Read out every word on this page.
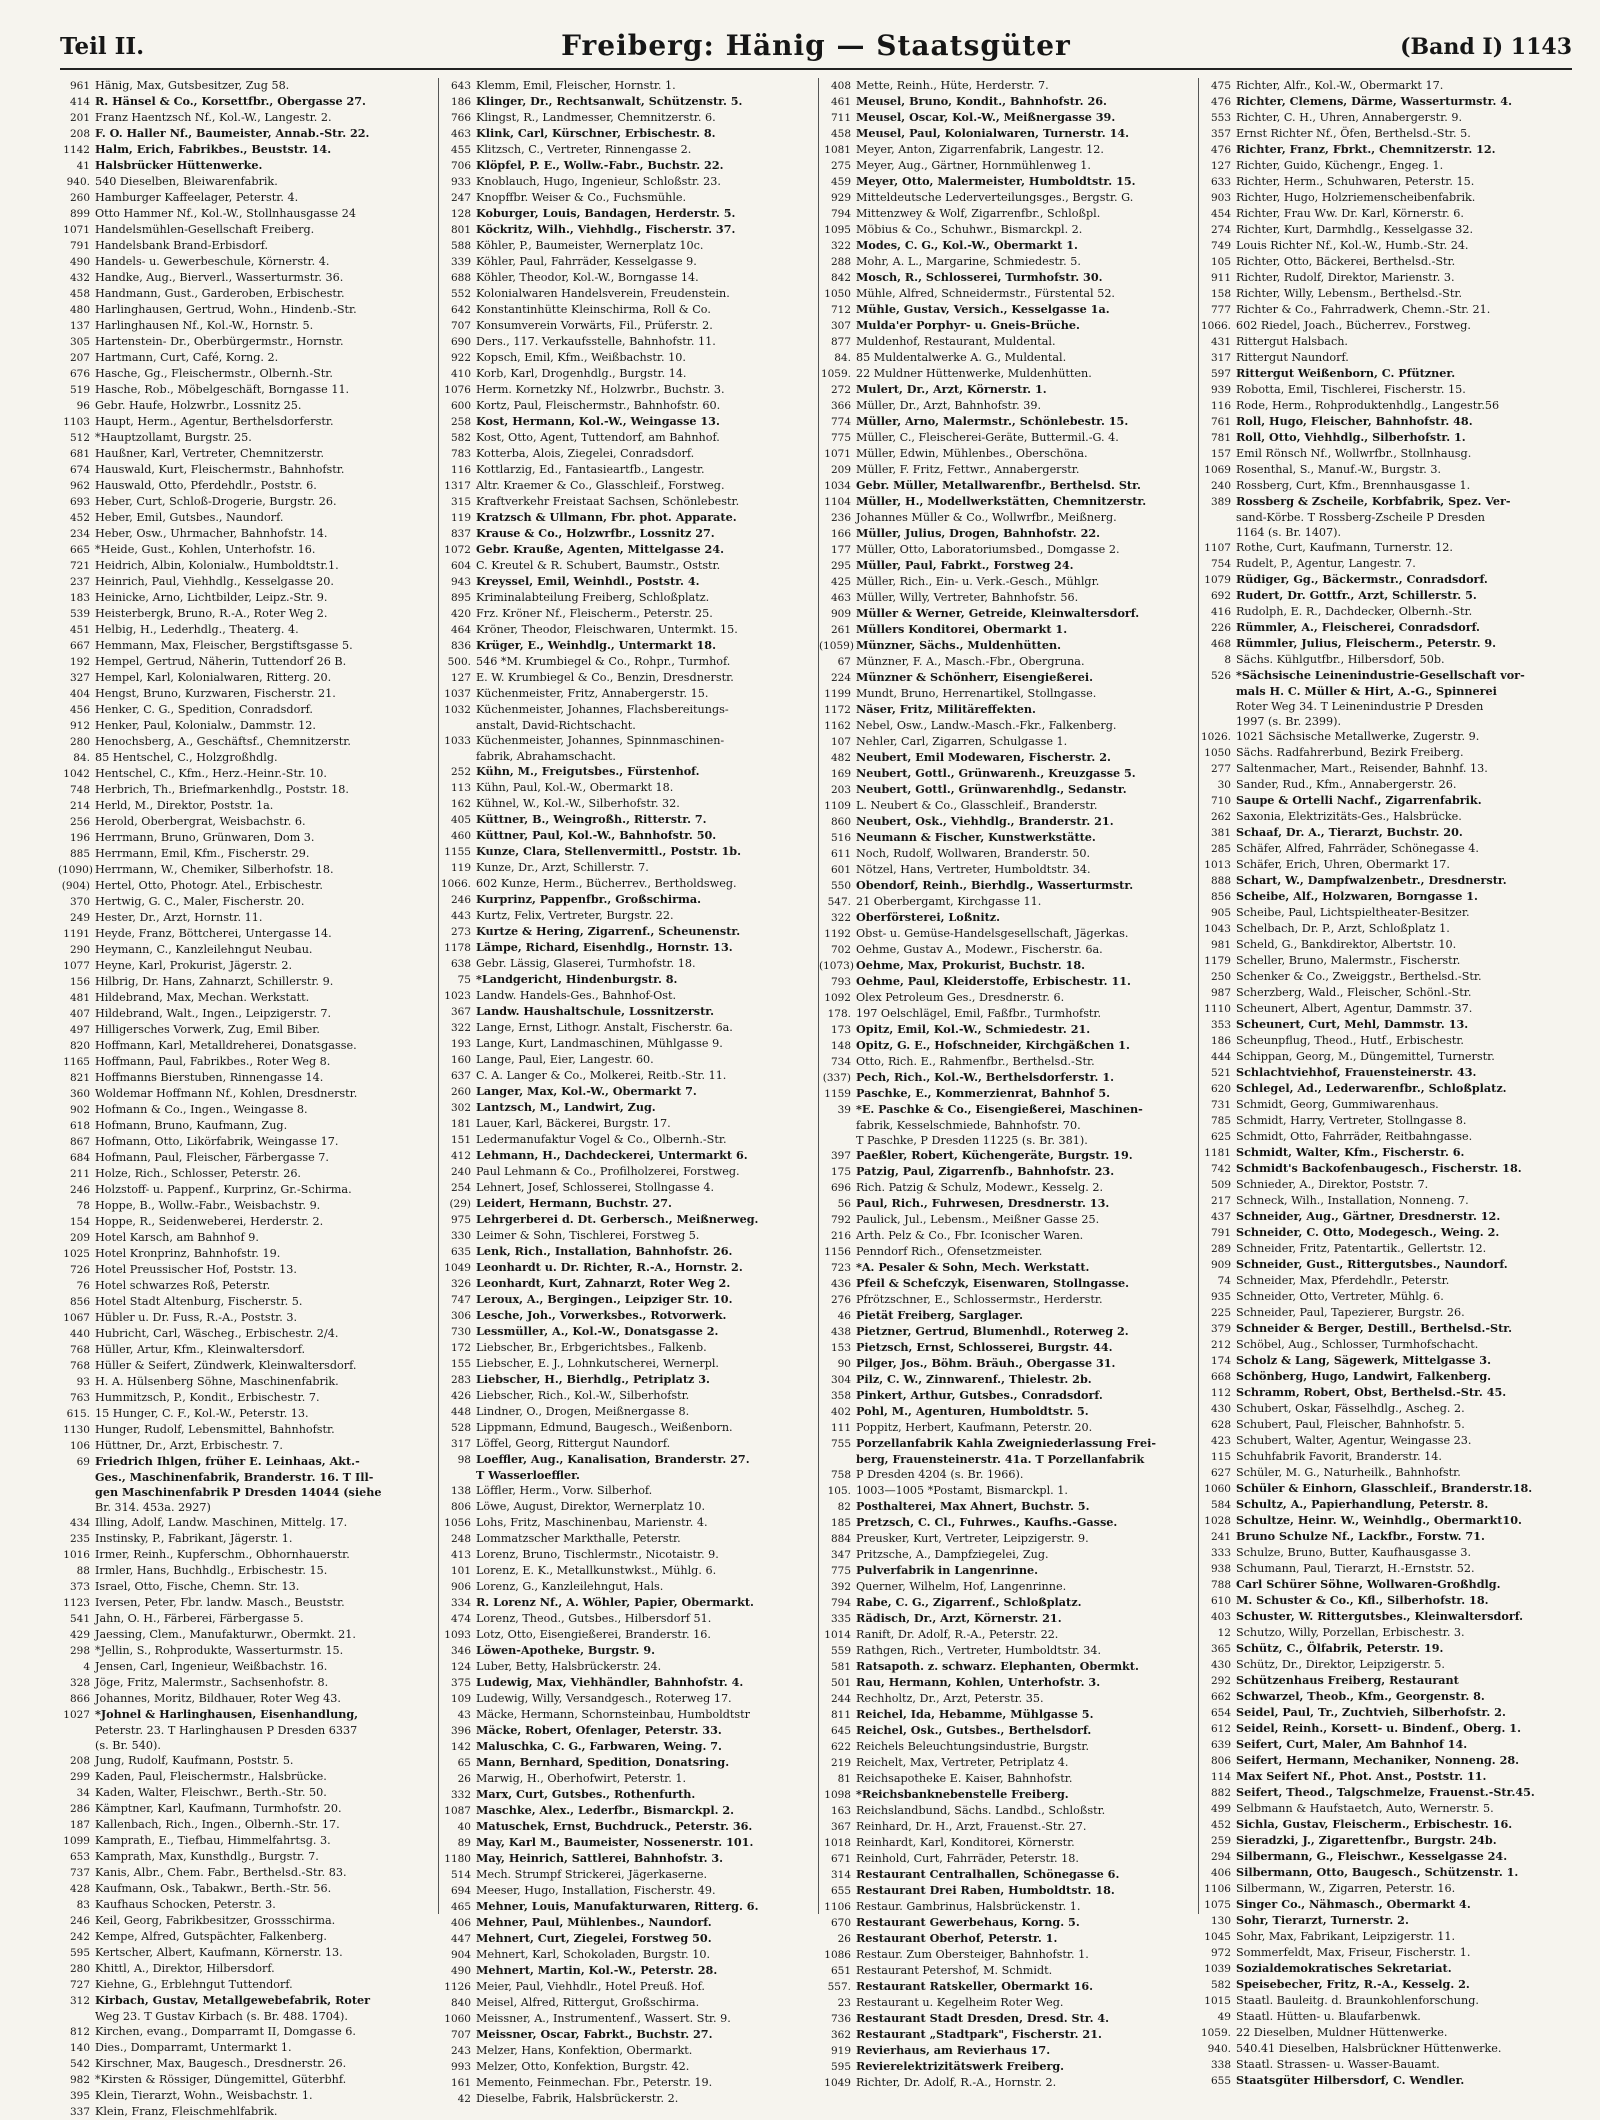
Teil II.	Freiberg: Hänig — Staatsgüter	(Band I) 1143
961 Hänig, Max, Gutsbesitzer, Zug 58.
414 R. Hänsel & Co., Korsettfbr., Obergasse 27.
201 Franz Haentzsch Nf., Kol.-W., Langestr. 2.
208 F. O. Haller Nf., Baumeister, Annab.-Str. 22.
1142 Halm, Erich, Fabrikbes., Beuststr. 14.
41 Halsbrücker Hüttenwerke.
940. 540 Dieselben, Bleiwarenfabrik.
260 Hamburger Kaffeelager, Peterstr. 4.
899 Otto Hammer Nf., Kol.-W., Stollnhausgasse 24
1071 Handelsmühlen-Gesellschaft Freiberg.
791 Handelsbank Brand-Erbisdorf.
490 Handels- u. Gewerbeschule, Körnerstr. 4.
432 Handke, Aug., Bierverl., Wasserturmstr. 36.
458 Handmann, Gust., Garderoben, Erbischestr.
480 Harlinghausen, Gertrud, Wohn., Hindenb.-Str.
137 Harlinghausen Nf., Kol.-W., Hornstr. 5.
305 Hartenstein- Dr., Oberbürgermstr., Hornstr.
207 Hartmann, Curt, Café, Korng. 2.
676 Hasche, Gg., Fleischermstr., Olbernh.-Str.
519 Hasche, Rob., Möbelgeschäft, Borngasse 11.
96 Gebr. Haufe, Holzwrbr., Lossnitz 25.
1103 Haupt, Herm., Agentur, Berthelsdorferstr.
512 *Hauptzollamt, Burgstr. 25.
681 Haußner, Karl, Vertreter, Chemnitzerstr.
674 Hauswald, Kurt, Fleischermstr., Bahnhofstr.
962 Hauswald, Otto, Pferdehdlr., Poststr. 6.
693 Heber, Curt, Schloß-Drogerie, Burgstr. 26.
452 Heber, Emil, Gutsbes., Naundorf.
234 Heber, Osw., Uhrmacher, Bahnhofstr. 14.
665 *Heide, Gust., Kohlen, Unterhofstr. 16.
721 Heidrich, Albin, Kolonialw., Humboldtstr.1.
237 Heinrich, Paul, Viehhdlg., Kesselgasse 20.
183 Heinicke, Arno, Lichtbilder, Leipz.-Str. 9.
539 Heisterbergk, Bruno, R.-A., Roter Weg 2.
451 Helbig, H., Lederhdlg., Theaterg. 4.
667 Hemmann, Max, Fleischer, Bergstiftsgasse 5.
192 Hempel, Gertrud, Näherin, Tuttendorf 26 B.
327 Hempel, Karl, Kolonialwaren, Ritterg. 20.
404 Hengst, Bruno, Kurzwaren, Fischerstr. 21.
456 Henker, C. G., Spedition, Conradsdorf.
912 Henker, Paul, Kolonialw., Dammstr. 12.
280 Henochsberg, A., Geschäftsf., Chemnitzerstr.
84. 85 Hentschel, C., Holzgroßhdlg.
1042 Hentschel, C., Kfm., Herz.-Heinr.-Str. 10.
748 Herbrich, Th., Briefmarkenhdlg., Poststr. 18.
214 Herld, M., Direktor, Poststr. 1a.
256 Herold, Oberbergrat, Weisbachstr. 6.
196 Herrmann, Bruno, Grünwaren, Dom 3.
885 Herrmann, Emil, Kfm., Fischerstr. 29.
(1090) Herrmann, W., Chemiker, Silberhofstr. 18.
(904) Hertel, Otto, Photogr. Atel., Erbischestr.
370 Hertwig, G. C., Maler, Fischerstr. 20.
249 Hester, Dr., Arzt, Hornstr. 11.
1191 Heyde, Franz, Böttcherei, Untergasse 14.
290 Heymann, C., Kanzleilehngut Neubau.
1077 Heyne, Karl, Prokurist, Jägerstr. 2.
156 Hilbrig, Dr. Hans, Zahnarzt, Schillerstr. 9.
481 Hildebrand, Max, Mechan. Werkstatt.
407 Hildebrand, Walt., Ingen., Leipzigerstr. 7.
497 Hilligersches Vorwerk, Zug, Emil Biber.
820 Hoffmann, Karl, Metalldreherei, Donatsgasse.
1165 Hoffmann, Paul, Fabrikbes., Roter Weg 8.
821 Hoffmanns Bierstuben, Rinnengasse 14.
360 Woldemar Hoffmann Nf., Kohlen, Dresdnerstr.
902 Hofmann & Co., Ingen., Weingasse 8.
618 Hofmann, Bruno, Kaufmann, Zug.
867 Hofmann, Otto, Likörfabrik, Weingasse 17.
684 Hofmann, Paul, Fleischer, Färbergasse 7.
211 Holze, Rich., Schlosser, Peterstr. 26.
246 Holzstoff- u. Pappenf., Kurprinz, Gr.-Schirma.
78 Hoppe, B., Wollw.-Fabr., Weisbachstr. 9.
154 Hoppe, R., Seidenweberei, Herderstr. 2.
209 Hotel Karsch, am Bahnhof 9.
1025 Hotel Kronprinz, Bahnhofstr. 19.
726 Hotel Preussischer Hof, Poststr. 13.
76 Hotel schwarzes Roß, Peterstr.
856 Hotel Stadt Altenburg, Fischerstr. 5.
1067 Hübler u. Dr. Fuss, R.-A., Poststr. 3.
440 Hubricht, Carl, Wäscheg., Erbischestr. 2/4.
768 Hüller, Artur, Kfm., Kleinwaltersdorf.
768 Hüller & Seifert, Zündwerk, Kleinwaltersdorf.
93 H. A. Hülsenberg Söhne, Maschinenfabrik.
763 Hummitzsch, P., Kondit., Erbischestr. 7.
615. 15 Hunger, C. F., Kol.-W., Peterstr. 13.
1130 Hunger, Rudolf, Lebensmittel, Bahnhofstr.
106 Hüttner, Dr., Arzt, Erbischestr. 7.
69 Friedrich Ihlgen, früher E. Leinhaas, Akt.-
Ges., Maschinenfabrik, Branderstr. 16. T Ill-
gen Maschinenfabrik P Dresden 14044 (siehe
Br. 314. 453a. 2927)
434 Illing, Adolf, Landw. Maschinen, Mittelg. 17.
235 Instinsky, P., Fabrikant, Jägerstr. 1.
1016 Irmer, Reinh., Kupferschm., Obhornhauerstr.
88 Irmler, Hans, Buchhdlg., Erbischestr. 15.
373 Israel, Otto, Fische, Chemn. Str. 13.
1123 Iversen, Peter, Fbr. landw. Masch., Beuststr.
541 Jahn, O. H., Färberei, Färbergasse 5.
429 Jaessing, Clem., Manufakturwr., Obermkt. 21.
298 *Jellin, S., Rohprodukte, Wasserturmstr. 15.
4 Jensen, Carl, Ingenieur, Weißbachstr. 16.
328 Jöge, Fritz, Malermstr., Sachsenhofstr. 8.
866 Johannes, Moritz, Bildhauer, Roter Weg 43.
1027 *Johnel & Harlinghausen, Eisenhandlung,
Peterstr. 23. T Harlinghausen P Dresden 6337
(s. Br. 540).
208 Jung, Rudolf, Kaufmann, Poststr. 5.
299 Kaden, Paul, Fleischermstr., Halsbrücke.
34 Kaden, Walter, Fleischwr., Berth.-Str. 50.
286 Kämptner, Karl, Kaufmann, Turmhofstr. 20.
187 Kallenbach, Rich., Ingen., Olbernh.-Str. 17.
1099 Kamprath, E., Tiefbau, Himmelfahrtsg. 3.
653 Kamprath, Max, Kunsthdlg., Burgstr. 7.
737 Kanis, Albr., Chem. Fabr., Berthelsd.-Str. 83.
428 Kaufmann, Osk., Tabakwr., Berth.-Str. 56.
83 Kaufhaus Schocken, Peterstr. 3.
246 Keil, Georg, Fabrikbesitzer, Grossschirma.
242 Kempe, Alfred, Gutspächter, Falkenberg.
595 Kertscher, Albert, Kaufmann, Körnerstr. 13.
280 Khittl, A., Direktor, Hilbersdorf.
727 Kiehne, G., Erblehngut Tuttendorf.
312 Kirbach, Gustav, Metallgewebefabrik, Roter
Weg 23. T Gustav Kirbach (s. Br. 488. 1704).
812 Kirchen, evang., Domparramt II, Domgasse 6.
140 Dies., Domparramt, Untermarkt 1.
542 Kirschner, Max, Baugesch., Dresdnerstr. 26.
982 *Kirsten & Rössiger, Düngemittel, Güterbhf.
395 Klein, Tierarzt, Wohn., Weisbachstr. 1.
337 Klein, Franz, Fleischmehlfabrik.
643 Klemm, Emil, Fleischer, Hornstr. 1.
186 Klinger, Dr., Rechtsanwalt, Schützenstr. 5.
766 Klingst, R., Landmesser, Chemnitzerstr. 6.
463 Klink, Carl, Kürschner, Erbischestr. 8.
455 Klitzsch, C., Vertreter, Rinnengasse 2.
706 Klöpfel, P. E., Wollw.-Fabr., Buchstr. 22.
933 Knoblauch, Hugo, Ingenieur, Schloßstr. 23.
247 Knopffbr. Weiser & Co., Fuchsmühle.
128 Koburger, Louis, Bandagen, Herderstr. 5.
801 Köckritz, Wilh., Viehhdlg., Fischerstr. 37.
588 Köhler, P., Baumeister, Wernerplatz 10c.
339 Köhler, Paul, Fahrräder, Kesselgasse 9.
688 Köhler, Theodor, Kol.-W., Borngasse 14.
552 Kolonialwaren Handelsverein, Freudenstein.
642 Konstantinhütte Kleinschirma, Roll & Co.
707 Konsumverein Vorwärts, Fil., Prüferstr. 2.
690 Ders., 117. Verkaufsstelle, Bahnhofstr. 11.
922 Kopsch, Emil, Kfm., Weißbachstr. 10.
410 Korb, Karl, Drogenhdlg., Burgstr. 14.
1076 Herm. Kornetzky Nf., Holzwrbr., Buchstr. 3.
600 Kortz, Paul, Fleischermstr., Bahnhofstr. 60.
258 Kost, Hermann, Kol.-W., Weingasse 13.
582 Kost, Otto, Agent, Tuttendorf, am Bahnhof.
783 Kotterba, Alois, Ziegelei, Conradsdorf.
116 Kottlarzig, Ed., Fantasieartfb., Langestr.
1317 Altr. Kraemer & Co., Glasschleif., Forstweg.
315 Kraftverkehr Freistaat Sachsen, Schönlebestr.
119 Kratzsch & Ullmann, Fbr. phot. Apparate.
837 Krause & Co., Holzwrfbr., Lossnitz 27.
1072 Gebr. Krauße, Agenten, Mittelgasse 24.
604 C. Kreutel & R. Schubert, Baumstr., Oststr.
943 Kreyssel, Emil, Weinhdl., Poststr. 4.
895 Kriminalabteilung Freiberg, Schloßplatz.
420 Frz. Kröner Nf., Fleischerm., Peterstr. 25.
464 Kröner, Theodor, Fleischwaren, Untermkt. 15.
836 Krüger, E., Weinhdlg., Untermarkt 18.
500. 546 *M. Krumbiegel & Co., Rohpr., Turmhof.
127 E. W. Krumbiegel & Co., Benzin, Dresdnerstr.
1037 Küchenmeister, Fritz, Annabergerstr. 15.
1032 Küchenmeister, Johannes, Flachsbereitungs-
anstalt, David-Richtschacht.
1033 Küchenmeister, Johannes, Spinnmaschinen-
fabrik, Abrahamschacht.
252 Kühn, M., Freigutsbes., Fürstenhof.
113 Kühn, Paul, Kol.-W., Obermarkt 18.
162 Kühnel, W., Kol.-W., Silberhofstr. 32.
405 Küttner, B., Weingroßh., Ritterstr. 7.
460 Küttner, Paul, Kol.-W., Bahnhofstr. 50.
1155 Kunze, Clara, Stellenvermittl., Poststr. 1b.
119 Kunze, Dr., Arzt, Schillerstr. 7.
1066. 602 Kunze, Herm., Bücherrev., Bertholdsweg.
246 Kurprinz, Pappenfbr., Großschirma.
443 Kurtz, Felix, Vertreter, Burgstr. 22.
273 Kurtze & Hering, Zigarrenf., Scheunenstr.
1178 Lämpe, Richard, Eisenhdlg., Hornstr. 13.
638 Gebr. Lässig, Glaserei, Turmhofstr. 18.
75 *Landgericht, Hindenburgstr. 8.
1023 Landw. Handels-Ges., Bahnhof-Ost.
367 Landw. Haushaltschule, Lossnitzerstr.
322 Lange, Ernst, Lithogr. Anstalt, Fischerstr. 6a.
193 Lange, Kurt, Landmaschinen, Mühlgasse 9.
160 Lange, Paul, Eier, Langestr. 60.
637 C. A. Langer & Co., Molkerei, Reitb.-Str. 11.
260 Langer, Max, Kol.-W., Obermarkt 7.
302 Lantzsch, M., Landwirt, Zug.
181 Lauer, Karl, Bäckerei, Burgstr. 17.
151 Ledermanufaktur Vogel & Co., Olbernh.-Str.
412 Lehmann, H., Dachdeckerei, Untermarkt 6.
240 Paul Lehmann & Co., Profilholzerei, Forstweg.
254 Lehnert, Josef, Schlosserei, Stollngasse 4.
(29) Leidert, Hermann, Buchstr. 27.
975 Lehrgerberei d. Dt. Gerbersch., Meißnerweg.
330 Leimer & Sohn, Tischlerei, Forstweg 5.
635 Lenk, Rich., Installation, Bahnhofstr. 26.
1049 Leonhardt u. Dr. Richter, R.-A., Hornstr. 2.
326 Leonhardt, Kurt, Zahnarzt, Roter Weg 2.
747 Leroux, A., Bergingen., Leipziger Str. 10.
306 Lesche, Joh., Vorwerksbes., Rotvorwerk.
730 Lessmüller, A., Kol.-W., Donatsgasse 2.
172 Liebscher, Br., Erbgerichtsbes., Falkenb.
155 Liebscher, E. J., Lohnkutscherei, Wernerpl.
283 Liebscher, H., Bierhdlg., Petriplatz 3.
426 Liebscher, Rich., Kol.-W., Silberhofstr.
448 Lindner, O., Drogen, Meißnergasse 8.
528 Lippmann, Edmund, Baugesch., Weißenborn.
317 Löffel, Georg, Rittergut Naundorf.
98 Loeffler, Aug., Kanalisation, Branderstr. 27.
T Wasserloeffler.
138 Löffler, Herm., Vorw. Silberhof.
806 Löwe, August, Direktor, Wernerplatz 10.
1056 Lohs, Fritz, Maschinenbau, Marienstr. 4.
248 Lommatzscher Markthalle, Peterstr.
413 Lorenz, Bruno, Tischlermstr., Nicotaistr. 9.
101 Lorenz, E. K., Metallkunstwkst., Mühlg. 6.
906 Lorenz, G., Kanzleilehngut, Hals.
334 R. Lorenz Nf., A. Wöhler, Papier, Obermarkt.
474 Lorenz, Theod., Gutsbes., Hilbersdorf 51.
1093 Lotz, Otto, Eisengießerei, Branderstr. 16.
346 Löwen-Apotheke, Burgstr. 9.
124 Luber, Betty, Halsbrückerstr. 24.
375 Ludewig, Max, Viehhändler, Bahnhofstr. 4.
109 Ludewig, Willy, Versandgesch., Roterweg 17.
43 Mäcke, Hermann, Schornsteinbau, Humboldtstr
396 Mäcke, Robert, Ofenlager, Peterstr. 33.
142 Maluschka, C. G., Farbwaren, Weing. 7.
65 Mann, Bernhard, Spedition, Donatsring.
26 Marwig, H., Oberhofwirt, Peterstr. 1.
332 Marx, Curt, Gutsbes., Rothenfurth.
1087 Maschke, Alex., Lederfbr., Bismarckpl. 2.
40 Matuschek, Ernst, Buchdruck., Peterstr. 36.
89 May, Karl M., Baumeister, Nossenerstr. 101.
1180 May, Heinrich, Sattlerei, Bahnhofstr. 3.
514 Mech. Strumpf Strickerei, Jägerkaserne.
694 Meeser, Hugo, Installation, Fischerstr. 49.
465 Mehner, Louis, Manufakturwaren, Ritterg. 6.
406 Mehner, Paul, Mühlenbes., Naundorf.
447 Mehnert, Curt, Ziegelei, Forstweg 50.
904 Mehnert, Karl, Schokoladen, Burgstr. 10.
490 Mehnert, Martin, Kol.-W., Peterstr. 28.
1126 Meier, Paul, Viehhdlr., Hotel Preuß. Hof.
840 Meisel, Alfred, Rittergut, Großschirma.
1060 Meissner, A., Instrumentenf., Wassert. Str. 9.
707 Meissner, Oscar, Fabrkt., Buchstr. 27.
243 Melzer, Hans, Konfektion, Obermarkt.
993 Melzer, Otto, Konfektion, Burgstr. 42.
161 Memento, Feinmechan. Fbr., Peterstr. 19.
42 Dieselbe, Fabrik, Halsbrückerstr. 2.
408 Mette, Reinh., Hüte, Herderstr. 7.
461 Meusel, Bruno, Kondit., Bahnhofstr. 26.
711 Meusel, Oscar, Kol.-W., Meißnergasse 39.
458 Meusel, Paul, Kolonialwaren, Turnerstr. 14.
1081 Meyer, Anton, Zigarrenfabrik, Langestr. 12.
275 Meyer, Aug., Gärtner, Hornmühlenweg 1.
459 Meyer, Otto, Malermeister, Humboldtstr. 15.
929 Mitteldeutsche Lederverteilungsges., Bergstr. G.
794 Mittenzwey & Wolf, Zigarrenfbr., Schloßpl.
1095 Möbius & Co., Schuhwr., Bismarckpl. 2.
322 Modes, C. G., Kol.-W., Obermarkt 1.
288 Mohr, A. L., Margarine, Schmiedestr. 5.
842 Mosch, R., Schlosserei, Turmhofstr. 30.
1050 Mühle, Alfred, Schneidermstr., Fürstental 52.
712 Mühle, Gustav, Versich., Kesselgasse 1a.
307 Mulda'er Porphyr- u. Gneis-Brüche.
877 Muldenhof, Restaurant, Muldental.
84. 85 Muldentalwerke A. G., Muldental.
1059. 22 Muldner Hüttenwerke, Muldenhütten.
272 Mulert, Dr., Arzt, Körnerstr. 1.
366 Müller, Dr., Arzt, Bahnhofstr. 39.
774 Müller, Arno, Malermstr., Schönlebestr. 15.
775 Müller, C., Fleischerei-Geräte, Buttermil.-G. 4.
1071 Müller, Edwin, Mühlenbes., Oberschöna.
209 Müller, F. Fritz, Fettwr., Annabergerstr.
1034 Gebr. Müller, Metallwarenfbr., Berthelsd. Str.
1104 Müller, H., Modellwerkstätten, Chemnitzerstr.
236 Johannes Müller & Co., Wollwrfbr., Meißnerg.
166 Müller, Julius, Drogen, Bahnhofstr. 22.
177 Müller, Otto, Laboratoriumsbed., Domgasse 2.
295 Müller, Paul, Fabrkt., Forstweg 24.
425 Müller, Rich., Ein- u. Verk.-Gesch., Mühlgr.
463 Müller, Willy, Vertreter, Bahnhofstr. 56.
909 Müller & Werner, Getreide, Kleinwaltersdorf.
261 Müllers Konditorei, Obermarkt 1.
(1059) Münzner, Sächs., Muldenhütten.
67 Münzner, F. A., Masch.-Fbr., Obergruna.
224 Münzner & Schönherr, Eisengießerei.
1199 Mundt, Bruno, Herrenartikel, Stollngasse.
1172 Näser, Fritz, Militäreffekten.
1162 Nebel, Osw., Landw.-Masch.-Fkr., Falkenberg.
107 Nehler, Carl, Zigarren, Schulgasse 1.
482 Neubert, Emil Modewaren, Fischerstr. 2.
169 Neubert, Gottl., Grünwarenh., Kreuzgasse 5.
203 Neubert, Gottl., Grünwarenhdlg., Sedanstr.
1109 L. Neubert & Co., Glasschleif., Branderstr.
860 Neubert, Osk., Viehhdlg., Branderstr. 21.
516 Neumann & Fischer, Kunstwerkstätte.
611 Noch, Rudolf, Wollwaren, Branderstr. 50.
601 Nötzel, Hans, Vertreter, Humboldtstr. 34.
550 Obendorf, Reinh., Bierhdlg., Wasserturmstr.
547. 21 Oberbergamt, Kirchgasse 11.
322 Oberförsterei, Loßnitz.
1192 Obst- u. Gemüse-Handelsgesellschaft, Jägerkas.
702 Oehme, Gustav A., Modewr., Fischerstr. 6a.
(1073) Oehme, Max, Prokurist, Buchstr. 18.
793 Oehme, Paul, Kleiderstoffe, Erbischestr. 11.
1092 Olex Petroleum Ges., Dresdnerstr. 6.
178. 197 Oelschlägel, Emil, Faßfbr., Turmhofstr.
173 Opitz, Emil, Kol.-W., Schmiedestr. 21.
148 Opitz, G. E., Hofschneider, Kirchgäßchen 1.
734 Otto, Rich. E., Rahmenfbr., Berthelsd.-Str.
(337) Pech, Rich., Kol.-W., Berthelsdorferstr. 1.
1159 Paschke, E., Kommerzienrat, Bahnhof 5.
39 *E. Paschke & Co., Eisengießerei, Maschinen-
fabrik, Kesselschmiede, Bahnhofstr. 70.
T Paschke, P Dresden 11225 (s. Br. 381).
397 Paeßler, Robert, Küchengeräte, Burgstr. 19.
175 Patzig, Paul, Zigarrenfb., Bahnhofstr. 23.
696 Rich. Patzig & Schulz, Modewr., Kesselg. 2.
56 Paul, Rich., Fuhrwesen, Dresdnerstr. 13.
792 Paulick, Jul., Lebensm., Meißner Gasse 25.
216 Arth. Pelz & Co., Fbr. Iconischer Waren.
1156 Penndorf Rich., Ofensetzmeister.
723 *A. Pesaler & Sohn, Mech. Werkstatt.
436 Pfeil & Schefczyk, Eisenwaren, Stollngasse.
276 Pfrötzschner, E., Schlossermstr., Herderstr.
46 Pietät Freiberg, Sarglager.
438 Pietzner, Gertrud, Blumenhdl., Roterweg 2.
153 Pietzsch, Ernst, Schlosserei, Burgstr. 44.
90 Pilger, Jos., Böhm. Bräuh., Obergasse 31.
304 Pilz, C. W., Zinnwarenf., Thielestr. 2b.
358 Pinkert, Arthur, Gutsbes., Conradsdorf.
402 Pohl, M., Agenturen, Humboldtstr. 5.
111 Poppitz, Herbert, Kaufmann, Peterstr. 20.
755 Porzellanfabrik Kahla Zweigniederlassung Frei-
berg, Frauensteinerstr. 41a. T Porzellanfabrik
758 P Dresden 4204 (s. Br. 1966).
105. 1003—1005 *Postamt, Bismarckpl. 1.
82 Posthalterei, Max Ahnert, Buchstr. 5.
185 Pretzsch, C. Cl., Fuhrwes., Kaufhs.-Gasse.
884 Preusker, Kurt, Vertreter, Leipzigerstr. 9.
347 Pritzsche, A., Dampfziegelei, Zug.
775 Pulverfabrik in Langenrinne.
392 Querner, Wilhelm, Hof, Langenrinne.
794 Rabe, C. G., Zigarrenf., Schloßplatz.
335 Rädisch, Dr., Arzt, Körnerstr. 21.
1014 Ranift, Dr. Adolf, R.-A., Peterstr. 22.
559 Rathgen, Rich., Vertreter, Humboldtstr. 34.
581 Ratsapoth. z. schwarz. Elephanten, Obermkt.
501 Rau, Hermann, Kohlen, Unterhofstr. 3.
244 Rechholtz, Dr., Arzt, Peterstr. 35.
811 Reichel, Ida, Hebamme, Mühlgasse 5.
645 Reichel, Osk., Gutsbes., Berthelsdorf.
622 Reichels Beleuchtungsindustrie, Burgstr.
219 Reichelt, Max, Vertreter, Petriplatz 4.
81 Reichsapotheke E. Kaiser, Bahnhofstr.
1098 *Reichsbanknebenstelle Freiberg.
163 Reichslandbund, Sächs. Landbd., Schloßstr.
367 Reinhard, Dr. H., Arzt, Frauenst.-Str. 27.
1018 Reinhardt, Karl, Konditorei, Körnerstr.
671 Reinhold, Curt, Fahrräder, Peterstr. 18.
314 Restaurant Centralhallen, Schönegasse 6.
655 Restaurant Drei Raben, Humboldtstr. 18.
1106 Restaur. Gambrinus, Halsbrückenstr. 1.
670 Restaurant Gewerbehaus, Korng. 5.
26 Restaurant Oberhof, Peterstr. 1.
1086 Restaur. Zum Obersteiger, Bahnhofstr. 1.
651 Restaurant Petershof, M. Schmidt.
557. Restaurant Ratskeller, Obermarkt 16.
23 Restaurant u. Kegelheim Roter Weg.
736 Restaurant Stadt Dresden, Dresd. Str. 4.
362 Restaurant „Stadtpark", Fischerstr. 21.
919 Revierhaus, am Revierhaus 17.
595 Revierelektrizitätswerk Freiberg.
1049 Richter, Dr. Adolf, R.-A., Hornstr. 2.
475 Richter, Alfr., Kol.-W., Obermarkt 17.
476 Richter, Clemens, Därme, Wasserturmstr. 4.
553 Richter, C. H., Uhren, Annabergerstr. 9.
357 Ernst Richter Nf., Öfen, Berthelsd.-Str. 5.
476 Richter, Franz, Fbrkt., Chemnitzerstr. 12.
127 Richter, Guido, Küchengr., Engeg. 1.
633 Richter, Herm., Schuhwaren, Peterstr. 15.
903 Richter, Hugo, Holzriemenscheibenfabrik.
454 Richter, Frau Ww. Dr. Karl, Körnerstr. 6.
274 Richter, Kurt, Darmhdlg., Kesselgasse 32.
749 Louis Richter Nf., Kol.-W., Humb.-Str. 24.
105 Richter, Otto, Bäckerei, Berthelsd.-Str.
911 Richter, Rudolf, Direktor, Marienstr. 3.
158 Richter, Willy, Lebensm., Berthelsd.-Str.
777 Richter & Co., Fahrradwerk, Chemn.-Str. 21.
1066. 602 Riedel, Joach., Bücherrev., Forstweg.
431 Rittergut Halsbach.
317 Rittergut Naundorf.
597 Rittergut Weißenborn, C. Pfützner.
939 Robotta, Emil, Tischlerei, Fischerstr. 15.
116 Rode, Herm., Rohproduktenhdlg., Langestr.56
761 Roll, Hugo, Fleischer, Bahnhofstr. 48.
781 Roll, Otto, Viehhdlg., Silberhofstr. 1.
157 Emil Rönsch Nf., Wollwrfbr., Stollnhausg.
1069 Rosenthal, S., Manuf.-W., Burgstr. 3.
240 Rossberg, Curt, Kfm., Brennhausgasse 1.
389 Rossberg & Zscheile, Korbfabrik, Spez. Ver-
sand-Körbe. T Rossberg-Zscheile P Dresden
1164 (s. Br. 1407).
1107 Rothe, Curt, Kaufmann, Turnerstr. 12.
754 Rudelt, P., Agentur, Langestr. 7.
1079 Rüdiger, Gg., Bäckermstr., Conradsdorf.
692 Rudert, Dr. Gottfr., Arzt, Schillerstr. 5.
416 Rudolph, E. R., Dachdecker, Olbernh.-Str.
226 Rümmler, A., Fleischerei, Conradsdorf.
468 Rümmler, Julius, Fleischerm., Peterstr. 9.
8 Sächs. Kühlgutfbr., Hilbersdorf, 50b.
526 *Sächsische Leinenindustrie-Gesellschaft vor-
mals H. C. Müller & Hirt, A.-G., Spinnerei
Roter Weg 34. T Leinenindustrie P Dresden
1997 (s. Br. 2399).
1026. 1021 Sächsische Metallwerke, Zugerstr. 9.
1050 Sächs. Radfahrerbund, Bezirk Freiberg.
277 Saltenmacher, Mart., Reisender, Bahnhf. 13.
30 Sander, Rud., Kfm., Annabergerstr. 26.
710 Saupe & Ortelli Nachf., Zigarrenfabrik.
262 Saxonia, Elektrizitäts-Ges., Halsbrücke.
381 Schaaf, Dr. A., Tierarzt, Buchstr. 20.
285 Schäfer, Alfred, Fahrräder, Schönegasse 4.
1013 Schäfer, Erich, Uhren, Obermarkt 17.
888 Schart, W., Dampfwalzenbetr., Dresdnerstr.
856 Scheibe, Alf., Holzwaren, Borngasse 1.
905 Scheibe, Paul, Lichtspieltheater-Besitzer.
1043 Schelbach, Dr. P., Arzt, Schloßplatz 1.
981 Scheld, G., Bankdirektor, Albertstr. 10.
1179 Scheller, Bruno, Malermstr., Fischerstr.
250 Schenker & Co., Zweiggstr., Berthelsd.-Str.
987 Scherzberg, Wald., Fleischer, Schönl.-Str.
1110 Scheunert, Albert, Agentur, Dammstr. 37.
353 Scheunert, Curt, Mehl, Dammstr. 13.
186 Scheunpflug, Theod., Hutf., Erbischestr.
444 Schippan, Georg, M., Düngemittel, Turnerstr.
521 Schlachtviehhof, Frauensteinerstr. 43.
620 Schlegel, Ad., Lederwarenfbr., Schloßplatz.
731 Schmidt, Georg, Gummiwarenhaus.
785 Schmidt, Harry, Vertreter, Stollngasse 8.
625 Schmidt, Otto, Fahrräder, Reitbahngasse.
1181 Schmidt, Walter, Kfm., Fischerstr. 6.
742 Schmidt's Backofenbaugesch., Fischerstr. 18.
509 Schnieder, A., Direktor, Poststr. 7.
217 Schneck, Wilh., Installation, Nonneng. 7.
437 Schneider, Aug., Gärtner, Dresdnerstr. 12.
791 Schneider, C. Otto, Modegesch., Weing. 2.
289 Schneider, Fritz, Patentartik., Gellertstr. 12.
909 Schneider, Gust., Rittergutsbes., Naundorf.
74 Schneider, Max, Pferdehdlr., Peterstr.
935 Schneider, Otto, Vertreter, Mühlg. 6.
225 Schneider, Paul, Tapezierer, Burgstr. 26.
379 Schneider & Berger, Destill., Berthelsd.-Str.
212 Schöbel, Aug., Schlosser, Turmhofschacht.
174 Scholz & Lang, Sägewerk, Mittelgasse 3.
668 Schönberg, Hugo, Landwirt, Falkenberg.
112 Schramm, Robert, Obst, Berthelsd.-Str. 45.
430 Schubert, Oskar, Fässelhdlg., Ascheg. 2.
628 Schubert, Paul, Fleischer, Bahnhofstr. 5.
423 Schubert, Walter, Agentur, Weingasse 23.
115 Schuhfabrik Favorit, Branderstr. 14.
627 Schüler, M. G., Naturheilk., Bahnhofstr.
1060 Schüler & Einhorn, Glasschleif., Branderstr.18.
584 Schultz, A., Papierhandlung, Peterstr. 8.
1028 Schultze, Heinr. W., Weinhdlg., Obermarkt10.
241 Bruno Schulze Nf., Lackfbr., Forstw. 71.
333 Schulze, Bruno, Butter, Kaufhausgasse 3.
938 Schumann, Paul, Tierarzt, H.-Ernststr. 52.
788 Carl Schürer Söhne, Wollwaren-Großhdlg.
610 M. Schuster & Co., Kfl., Silberhofstr. 18.
403 Schuster, W. Rittergutsbes., Kleinwaltersdorf.
12 Schutzo, Willy, Porzellan, Erbischestr. 3.
365 Schütz, C., Ölfabrik, Peterstr. 19.
430 Schütz, Dr., Direktor, Leipzigerstr. 5.
292 Schützenhaus Freiberg, Restaurant
662 Schwarzel, Theob., Kfm., Georgenstr. 8.
654 Seidel, Paul, Tr., Zuchtvieh, Silberhofstr. 2.
612 Seidel, Reinh., Korsett- u. Bindenf., Oberg. 1.
639 Seifert, Curt, Maler, Am Bahnhof 14.
806 Seifert, Hermann, Mechaniker, Nonneng. 28.
114 Max Seifert Nf., Phot. Anst., Poststr. 11.
882 Seifert, Theod., Talgschmelze, Frauenst.-Str.45.
499 Selbmann & Haufstaetch, Auto, Wernerstr. 5.
452 Sichla, Gustav, Fleischerm., Erbischestr. 16.
259 Sieradzki, J., Zigarettenfbr., Burgstr. 24b.
294 Silbermann, G., Fleischwr., Kesselgasse 24.
406 Silbermann, Otto, Baugesch., Schützenstr. 1.
1106 Silbermann, W., Zigarren, Peterstr. 16.
1075 Singer Co., Nähmasch., Obermarkt 4.
130 Sohr, Tierarzt, Turnerstr. 2.
1045 Sohr, Max, Fabrikant, Leipzigerstr. 11.
972 Sommerfeldt, Max, Friseur, Fischerstr. 1.
1039 Sozialdemokratisches Sekretariat.
582 Speisebecher, Fritz, R.-A., Kesselg. 2.
1015 Staatl. Bauleitg. d. Braunkohlenforschung.
49 Staatl. Hütten- u. Blaufarbenwk.
1059. 22 Dieselben, Muldner Hüttenwerke.
940. 540.41 Dieselben, Halsbrückner Hüttenwerke.
338 Staatl. Strassen- u. Wasser-Bauamt.
655 Staatsgüter Hilbersdorf, C. Wendler.
